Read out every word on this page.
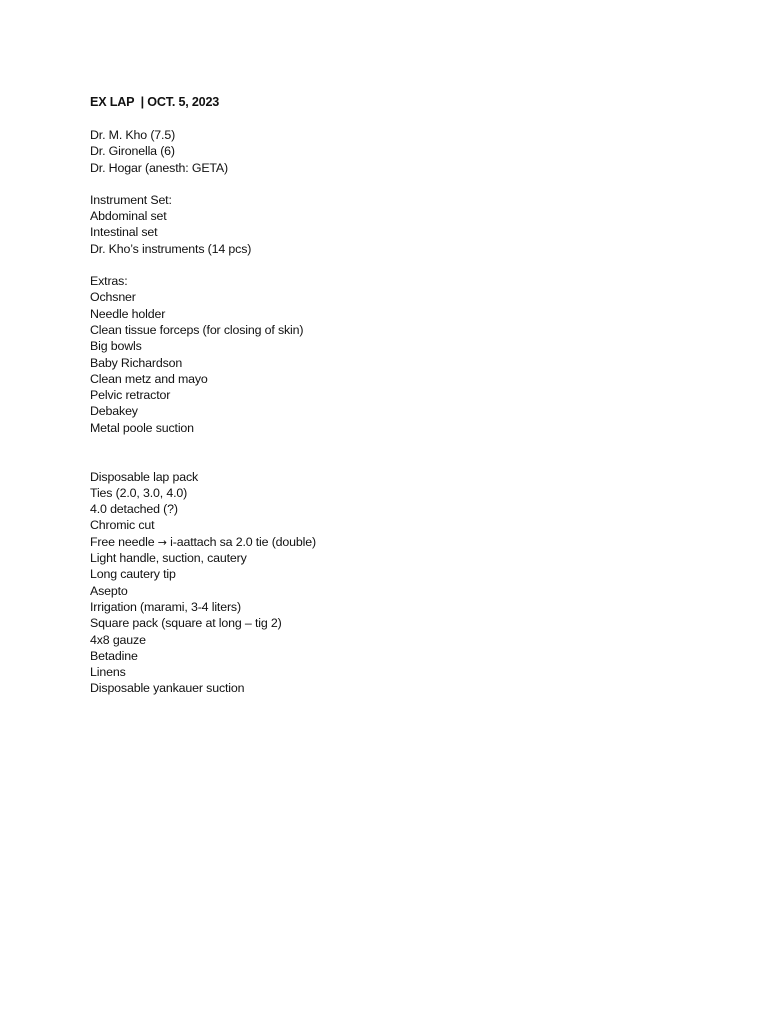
EX LAP  | OCT. 5, 2023
Dr. M. Kho (7.5)
Dr. Gironella (6)
Dr. Hogar (anesth: GETA)
Instrument Set:
Abdominal set
Intestinal set
Dr. Kho’s instruments (14 pcs)
Extras:
Ochsner
Needle holder
Clean tissue forceps (for closing of skin)
Big bowls
Baby Richardson
Clean metz and mayo
Pelvic retractor
Debakey
Metal poole suction
Disposable lap pack
Ties (2.0, 3.0, 4.0)
4.0 detached (?)
Chromic cut
Free needle → i-aattach sa 2.0 tie (double)
Light handle, suction, cautery
Long cautery tip
Asepto
Irrigation (marami, 3-4 liters)
Square pack (square at long – tig 2)
4x8 gauze
Betadine
Linens
Disposable yankauer suction
